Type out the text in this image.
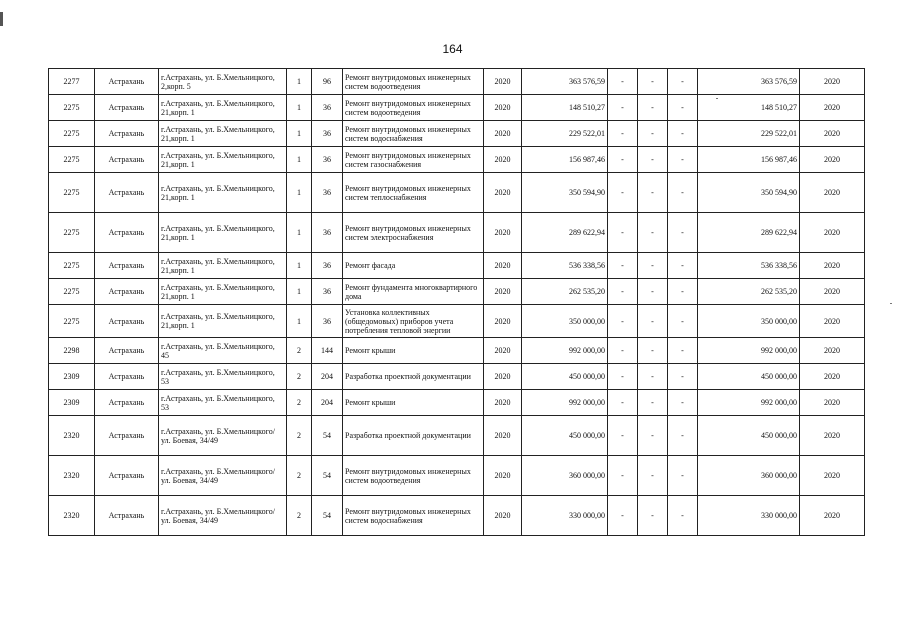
164
2277	Астрахань	г.Астрахань, ул. Б.Хмельницкого, 2,корп. 5	1	96	Ремонт внутридомовых инженерных систем водоотведения	2020	363 576,59	-	-	-	363 576,59	2020
2275	Астрахань	г.Астрахань, ул. Б.Хмельницкого, 21,корп. 1	1	36	Ремонт внутридомовых инженерных систем водоотведения	2020	148 510,27	-	-	-	148 510,27	2020
2275	Астрахань	г.Астрахань, ул. Б.Хмельницкого, 21,корп. 1	1	36	Ремонт внутридомовых инженерных систем водоснабжения	2020	229 522,01	-	-	-	229 522,01	2020
2275	Астрахань	г.Астрахань, ул. Б.Хмельницкого, 21,корп. 1	1	36	Ремонт внутридомовых инженерных систем газоснабжения	2020	156 987,46	-	-	-	156 987,46	2020
2275	Астрахань	г.Астрахань, ул. Б.Хмельницкого, 21,корп. 1	1	36	Ремонт внутридомовых инженерных систем теплоснабжения	2020	350 594,90	-	-	-	350 594,90	2020
2275	Астрахань	г.Астрахань, ул. Б.Хмельницкого, 21,корп. 1	1	36	Ремонт внутридомовых инженерных систем электроснабжения	2020	289 622,94	-	-	-	289 622,94	2020
2275	Астрахань	г.Астрахань, ул. Б.Хмельницкого, 21,корп. 1	1	36	Ремонт фасада	2020	536 338,56	-	-	-	536 338,56	2020
2275	Астрахань	г.Астрахань, ул. Б.Хмельницкого, 21,корп. 1	1	36	Ремонт фундамента многоквартирного дома	2020	262 535,20	-	-	-	262 535,20	2020
2275	Астрахань	г.Астрахань, ул. Б.Хмельницкого, 21,корп. 1	1	36	Установка коллективных (общедомовых) приборов учета потребления тепловой энергии	2020	350 000,00	-	-	-	350 000,00	2020
2298	Астрахань	г.Астрахань, ул. Б.Хмельницкого, 45	2	144	Ремонт крыши	2020	992 000,00	-	-	-	992 000,00	2020
2309	Астрахань	г.Астрахань, ул. Б.Хмельницкого, 53	2	204	Разработка проектной документации	2020	450 000,00	-	-	-	450 000,00	2020
2309	Астрахань	г.Астрахань, ул. Б.Хмельницкого, 53	2	204	Ремонт крыши	2020	992 000,00	-	-	-	992 000,00	2020
2320	Астрахань	г.Астрахань, ул. Б.Хмельницкого/ ул. Боевая, 34/49	2	54	Разработка проектной документации	2020	450 000,00	-	-	-	450 000,00	2020
2320	Астрахань	г.Астрахань, ул. Б.Хмельницкого/ ул. Боевая, 34/49	2	54	Ремонт внутридомовых инженерных систем водоотведения	2020	360 000,00	-	-	-	360 000,00	2020
2320	Астрахань	г.Астрахань, ул. Б.Хмельницкого/ ул. Боевая, 34/49	2	54	Ремонт внутридомовых инженерных систем водоснабжения	2020	330 000,00	-	-	-	330 000,00	2020
